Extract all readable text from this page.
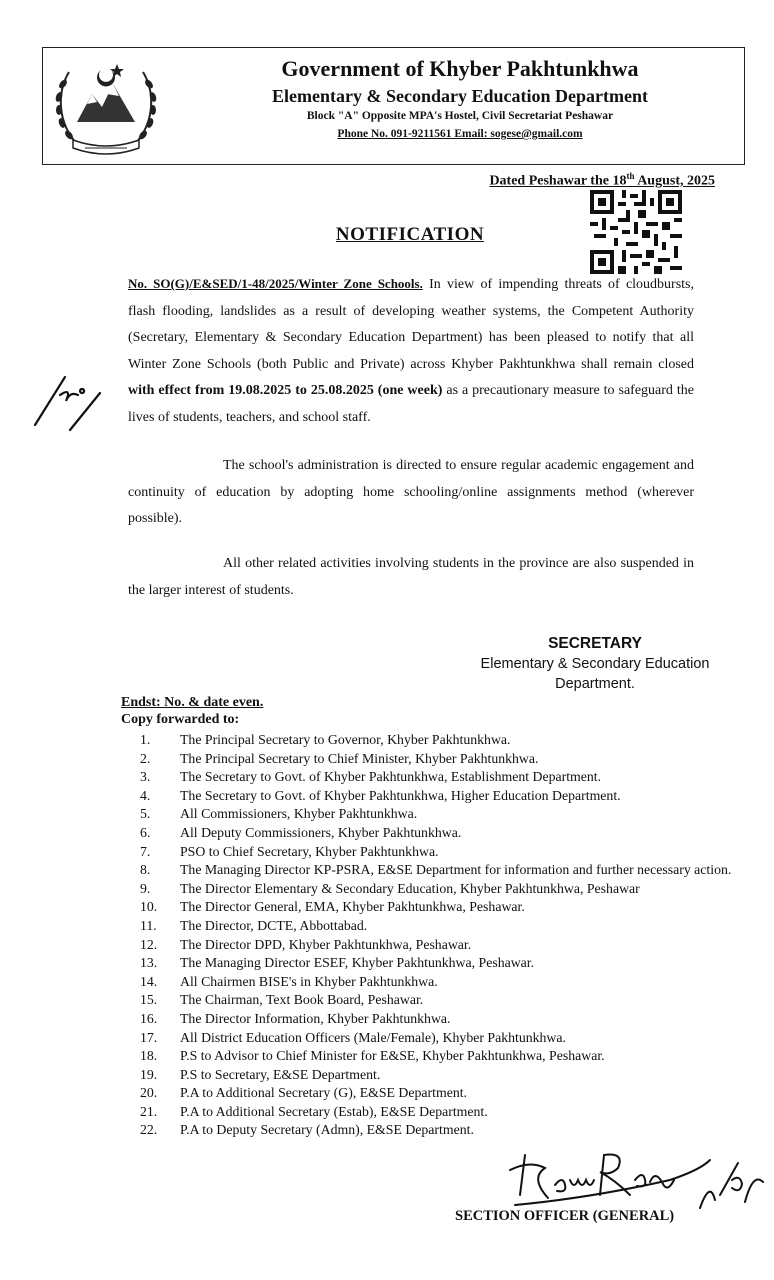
Government of Khyber Pakhtunkhwa
Elementary & Secondary Education Department
Block "A" Opposite MPA's Hostel, Civil Secretariat Peshawar
Phone No. 091-9211561 Email: sogese@gmail.com
Dated Peshawar the 18th August, 2025
NOTIFICATION
No. SO(G)/E&SED/1-48/2025/Winter Zone Schools. In view of impending threats of cloudbursts, flash flooding, landslides as a result of developing weather systems, the Competent Authority (Secretary, Elementary & Secondary Education Department) has been pleased to notify that all Winter Zone Schools (both Public and Private) across Khyber Pakhtunkhwa shall remain closed with effect from 19.08.2025 to 25.08.2025 (one week) as a precautionary measure to safeguard the lives of students, teachers, and school staff.
The school's administration is directed to ensure regular academic engagement and continuity of education by adopting home schooling/online assignments method (wherever possible).
All other related activities involving students in the province are also suspended in the larger interest of students.
SECRETARY
Elementary & Secondary Education
Department.
Endst: No. & date even.
Copy forwarded to:
1.	The Principal Secretary to Governor, Khyber Pakhtunkhwa.
2.	The Principal Secretary to Chief Minister, Khyber Pakhtunkhwa.
3.	The Secretary to Govt. of Khyber Pakhtunkhwa, Establishment Department.
4.	The Secretary to Govt. of Khyber Pakhtunkhwa, Higher Education Department.
5.	All Commissioners, Khyber Pakhtunkhwa.
6.	All Deputy Commissioners, Khyber Pakhtunkhwa.
7.	PSO to Chief Secretary, Khyber Pakhtunkhwa.
8.	The Managing Director KP-PSRA, E&SE Department for information and further necessary action.
9.	The Director Elementary & Secondary Education, Khyber Pakhtunkhwa, Peshawar
10.	The Director General, EMA, Khyber Pakhtunkhwa, Peshawar.
11.	The Director, DCTE, Abbottabad.
12.	The Director DPD, Khyber Pakhtunkhwa, Peshawar.
13.	The Managing Director ESEF, Khyber Pakhtunkhwa, Peshawar.
14.	All Chairmen BISE's in Khyber Pakhtunkhwa.
15.	The Chairman, Text Book Board, Peshawar.
16.	The Director Information, Khyber Pakhtunkhwa.
17.	All District Education Officers (Male/Female), Khyber Pakhtunkhwa.
18.	P.S to Advisor to Chief Minister for E&SE, Khyber Pakhtunkhwa, Peshawar.
19.	P.S to Secretary, E&SE Department.
20.	P.A to Additional Secretary (G), E&SE Department.
21.	P.A to Additional Secretary (Estab), E&SE Department.
22.	P.A to Deputy Secretary (Admn), E&SE Department.
SECTION OFFICER (GENERAL)
